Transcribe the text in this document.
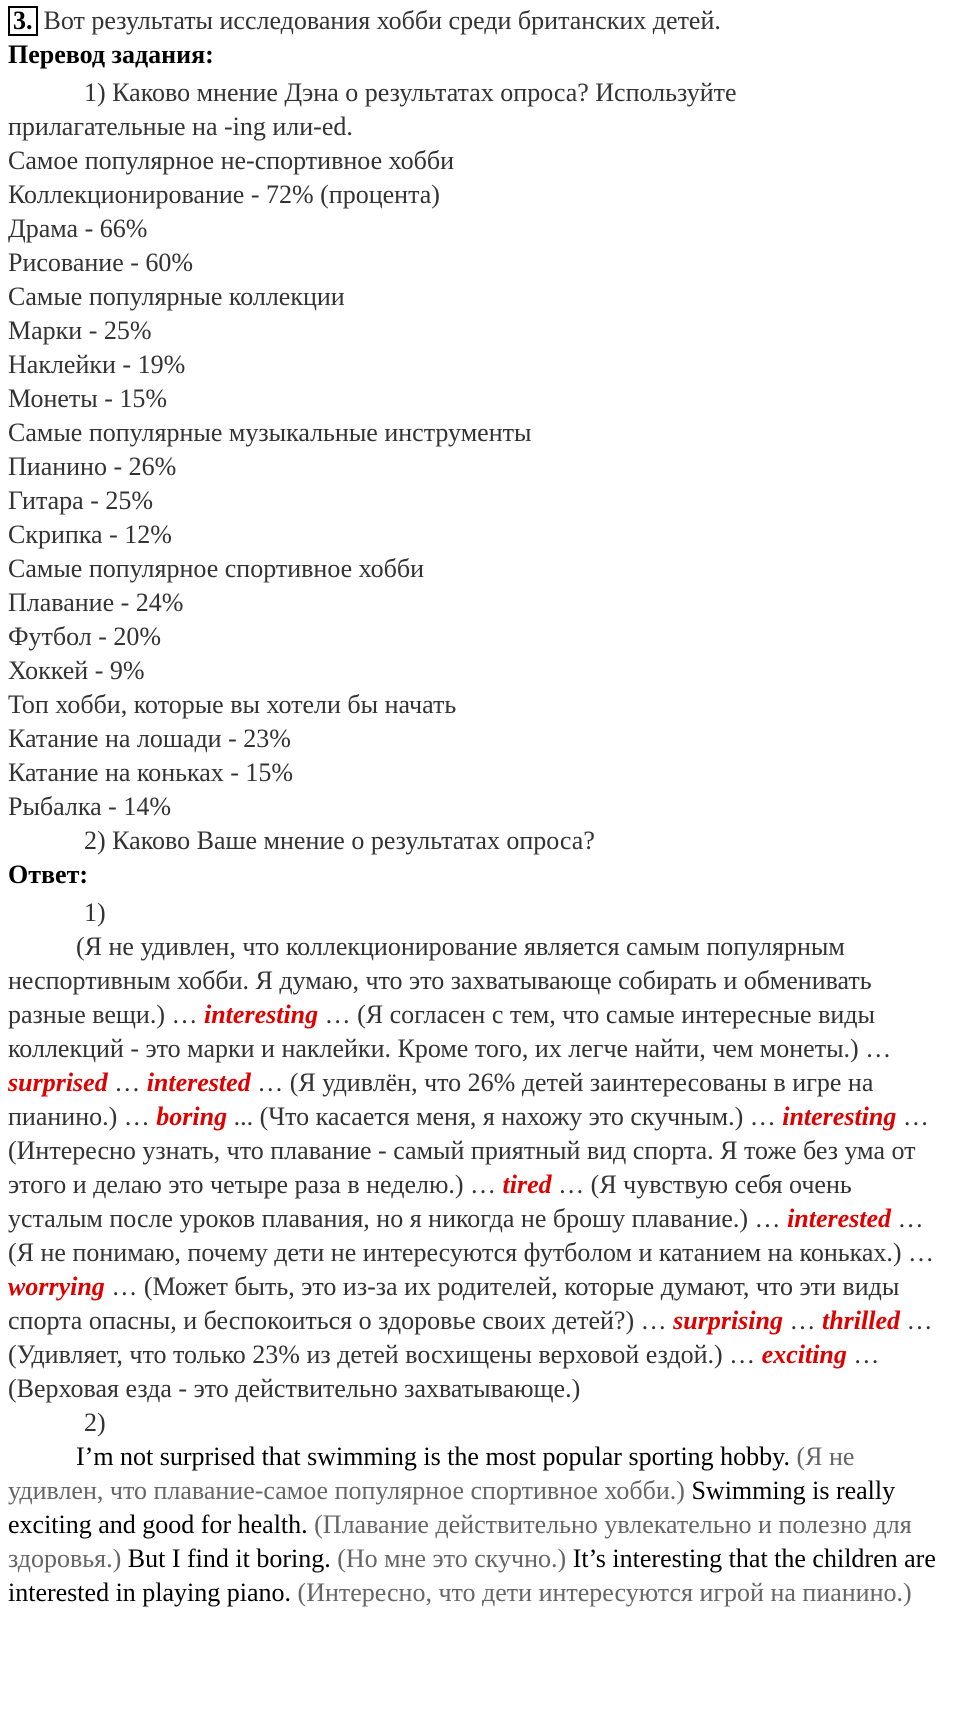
3. Вот результаты исследования хобби среди британских детей.
Перевод задания:
1) Каково мнение Дэна о результатах опроса? Используйте
прилагательные на -ing или-ed.
Самое популярное не-спортивное хобби
Коллекционирование - 72% (процента)
Драма - 66%
Рисование - 60%
Самые популярные коллекции
Марки - 25%
Наклейки - 19%
Монеты - 15%
Самые популярные музыкальные инструменты
Пианино - 26%
Гитара - 25%
Скрипка - 12%
Самые популярное спортивное хобби
Плавание - 24%
Футбол - 20%
Хоккей - 9%
Топ хобби, которые вы хотели бы начать
Катание на лошади - 23%
Катание на коньках - 15%
Рыбалка - 14%
2) Каково Ваше мнение о результатах опроса?
Ответ:
1)
(Я не удивлен, что коллекционирование является самым популярным неспортивным хобби. Я думаю, что это захватывающе собирать и обменивать разные вещи.) … interesting … (Я согласен с тем, что самые интересные виды коллекций - это марки и наклейки. Кроме того, их легче найти, чем монеты.) … surprised … interested … (Я удивлён, что 26% детей заинтересованы в игре на пианино.) … boring ... (Что касается меня, я нахожу это скучным.) … interesting … (Интересно узнать, что плавание - самый приятный вид спорта. Я тоже без ума от этого и делаю это четыре раза в неделю.) … tired … (Я чувствую себя очень усталым после уроков плавания, но я никогда не брошу плавание.) … interested … (Я не понимаю, почему дети не интересуются футболом и катанием на коньках.) … worrying … (Может быть, это из-за их родителей, которые думают, что эти виды спорта опасны, и беспокоиться о здоровье своих детей?) … surprising … thrilled … (Удивляет, что только 23% из детей восхищены верховой ездой.) … exciting … (Верховая езда - это действительно захватывающе.)
2)
I’m not surprised that swimming is the most popular sporting hobby. (Я не удивлен, что плавание-самое популярное спортивное хобби.) Swimming is really exciting and good for health. (Плавание действительно увлекательно и полезно для здоровья.) But I find it boring. (Но мне это скучно.) It’s interesting that the children are interested in playing piano. (Интересно, что дети интересуются игрой на пианино.)
